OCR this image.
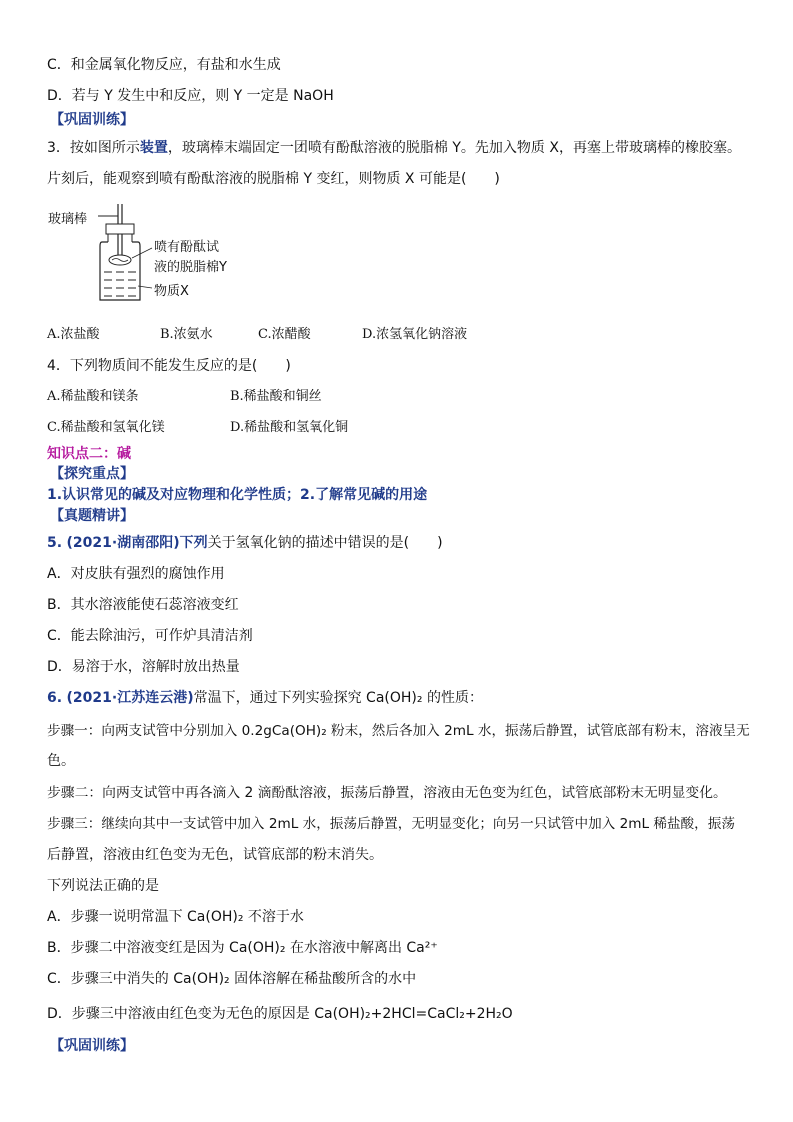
C．和金属氧化物反应，有盐和水生成
D．若与 Y 发生中和反应，则 Y 一定是 NaOH
【巩固训练】
3．按如图所示装置，玻璃棒末端固定一团喷有酚酞溶液的脱脂棉 Y。先加入物质 X，再塞上带玻璃棒的橡胶塞。
片刻后，能观察到喷有酚酞溶液的脱脂棉 Y 变红，则物质 X 可能是(　　)
玻璃棒
喷有酚酞试
液的脱脂棉Y
物质X
A.浓盐酸	B.浓氨水	C.浓醋酸	D.浓氢氧化钠溶液
4．下列物质间不能发生反应的是(　　)
A.稀盐酸和镁条	B.稀盐酸和铜丝
C.稀盐酸和氢氧化镁	D.稀盐酸和氢氧化铜
知识点二：碱
【探究重点】
1.认识常见的碱及对应物理和化学性质；2.了解常见碱的用途
【真题精讲】
5. (2021·湖南邵阳)下列关于氢氧化钠的描述中错误的是(　　)
A．对皮肤有强烈的腐蚀作用
B．其水溶液能使石蕊溶液变红
C．能去除油污，可作炉具清洁剂
D．易溶于水，溶解时放出热量
6. (2021·江苏连云港)常温下，通过下列实验探究 Ca(OH)₂ 的性质：
步骤一：向两支试管中分别加入 0.2gCa(OH)₂ 粉末，然后各加入 2mL 水，振荡后静置，试管底部有粉末，溶液呈无
色。
步骤二：向两支试管中再各滴入 2 滴酚酞溶液，振荡后静置，溶液由无色变为红色，试管底部粉末无明显变化。
步骤三：继续向其中一支试管中加入 2mL 水，振荡后静置，无明显变化；向另一只试管中加入 2mL 稀盐酸，振荡
后静置，溶液由红色变为无色，试管底部的粉末消失。
下列说法正确的是
A．步骤一说明常温下 Ca(OH)₂ 不溶于水
B．步骤二中溶液变红是因为 Ca(OH)₂ 在水溶液中解离出 Ca²⁺
C．步骤三中消失的 Ca(OH)₂ 固体溶解在稀盐酸所含的水中
D．步骤三中溶液由红色变为无色的原因是 Ca(OH)₂+2HCl=CaCl₂+2H₂O
【巩固训练】
